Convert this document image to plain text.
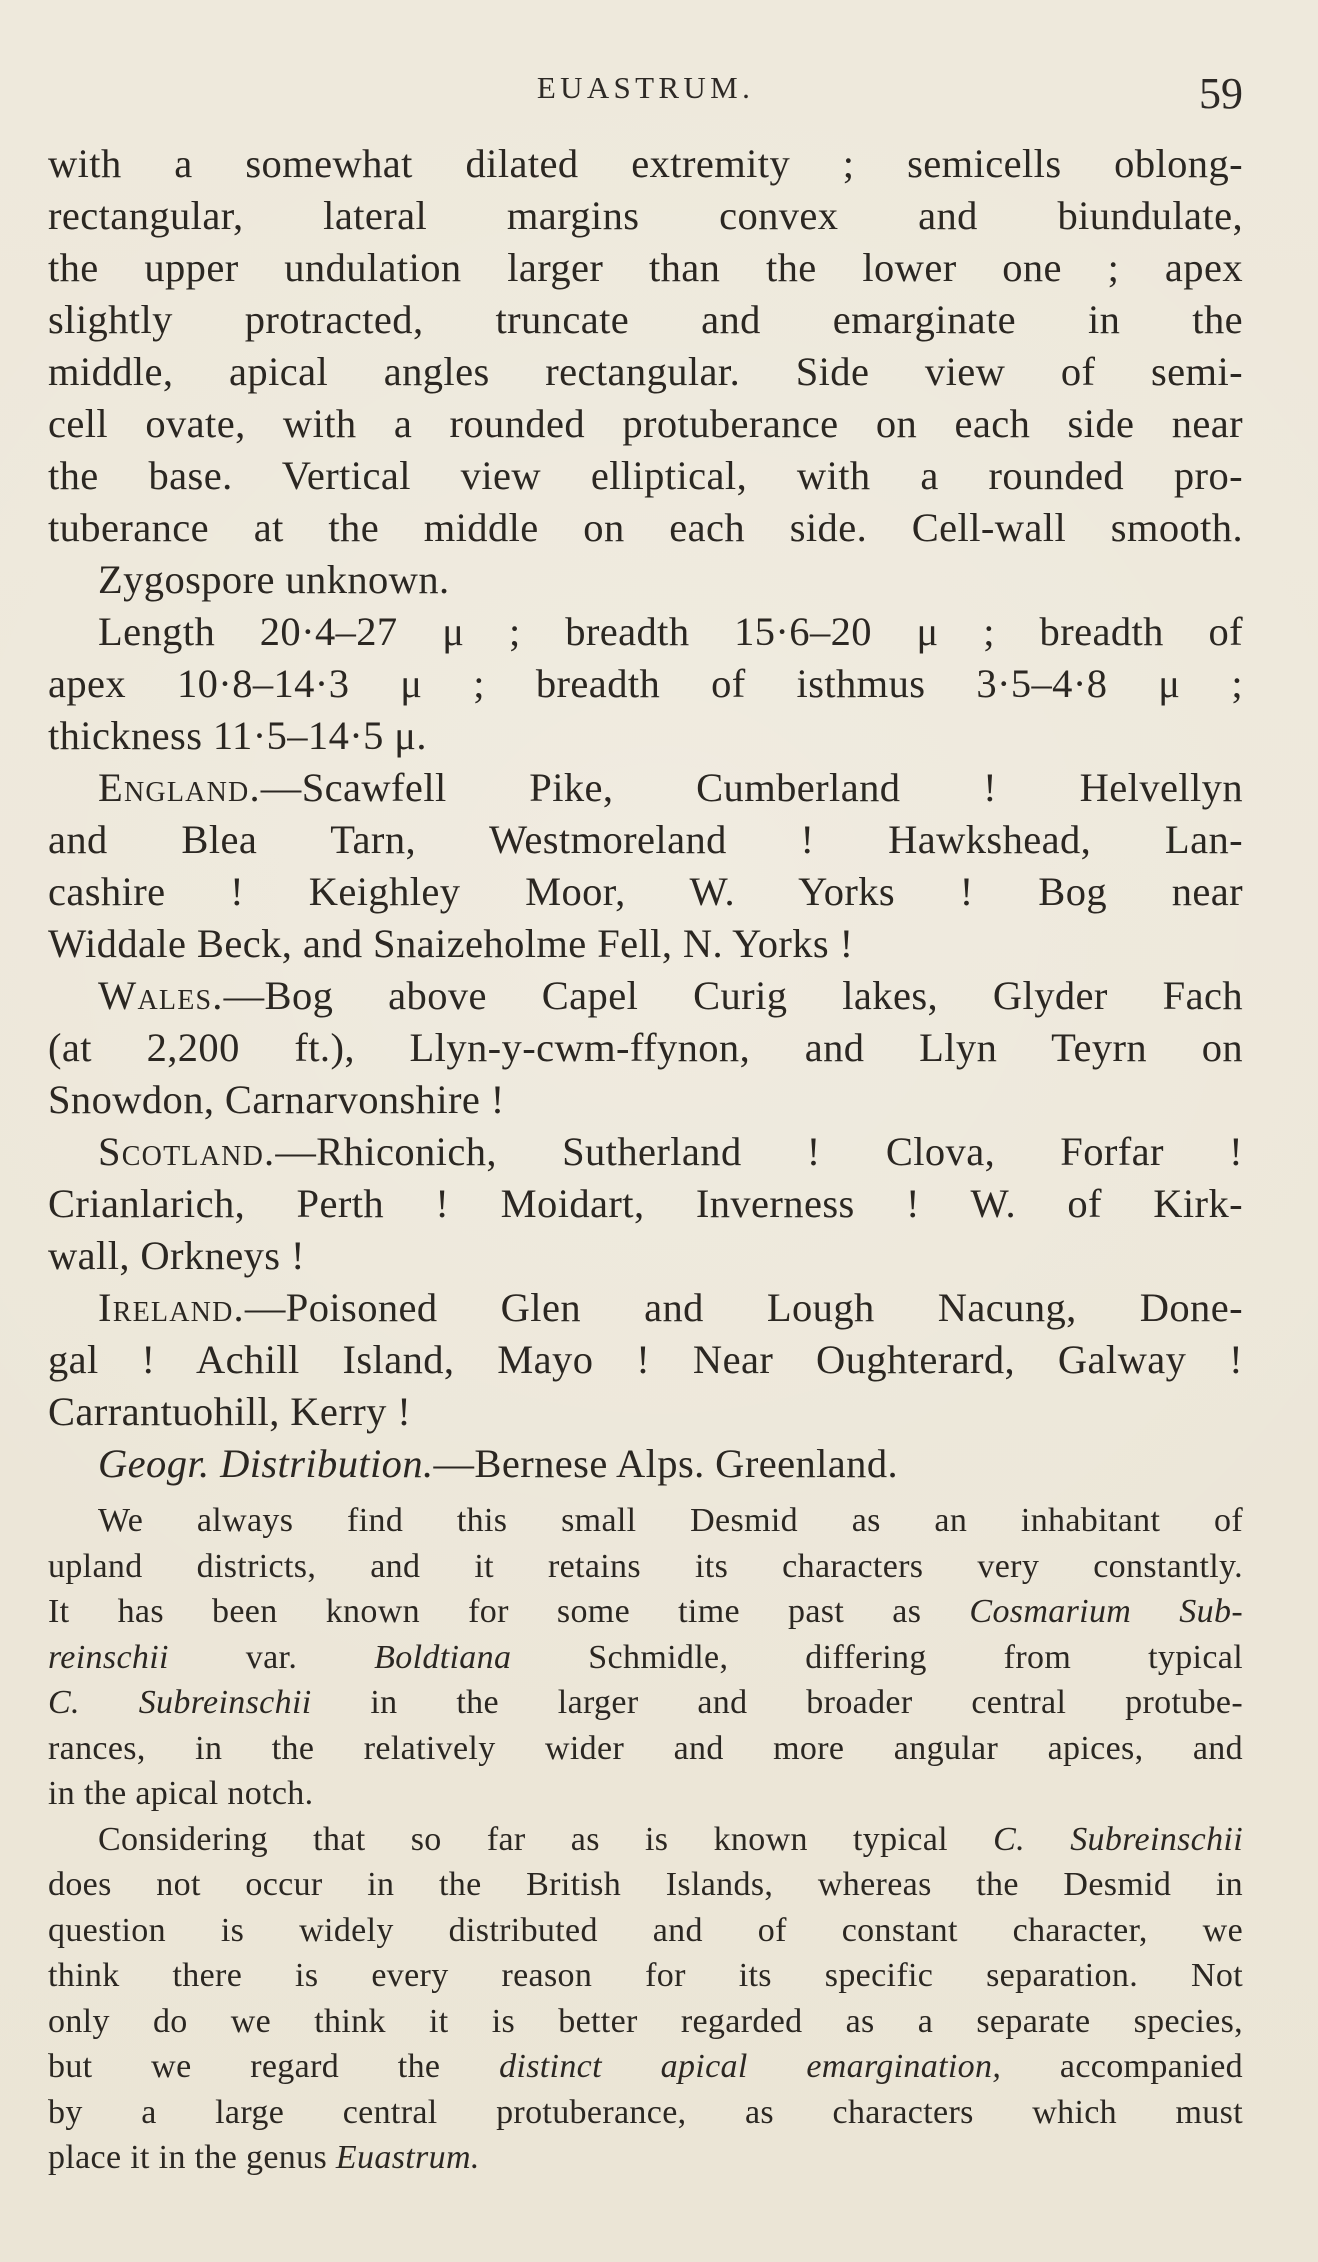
EUASTRUM.	59
with a somewhat dilated extremity ; semicells oblong-
rectangular, lateral margins convex and biundulate,
the upper undulation larger than the lower one ; apex
slightly protracted, truncate and emarginate in the
middle, apical angles rectangular. Side view of semi-
cell ovate, with a rounded protuberance on each side near
the base. Vertical view elliptical, with a rounded pro-
tuberance at the middle on each side. Cell-wall smooth.
Zygospore unknown.
Length 20·4–27 μ ; breadth 15·6–20 μ ; breadth of
apex 10·8–14·3 μ ; breadth of isthmus 3·5–4·8 μ ;
thickness 11·5–14·5 μ.
England.—Scawfell Pike, Cumberland ! Helvellyn
and Blea Tarn, Westmoreland ! Hawkshead, Lan-
cashire ! Keighley Moor, W. Yorks ! Bog near
Widdale Beck, and Snaizeholme Fell, N. Yorks !
Wales.—Bog above Capel Curig lakes, Glyder Fach
(at 2,200 ft.), Llyn-y-cwm-ffynon, and Llyn Teyrn on
Snowdon, Carnarvonshire !
Scotland.—Rhiconich, Sutherland ! Clova, Forfar !
Crianlarich, Perth ! Moidart, Inverness ! W. of Kirk-
wall, Orkneys !
Ireland.—Poisoned Glen and Lough Nacung, Done-
gal ! Achill Island, Mayo ! Near Oughterard, Galway !
Carrantuohill, Kerry !
Geogr. Distribution.—Bernese Alps. Greenland.
We always find this small Desmid as an inhabitant of
upland districts, and it retains its characters very constantly.
It has been known for some time past as Cosmarium Sub-
reinschii var. Boldtiana Schmidle, differing from typical
C. Subreinschii in the larger and broader central protube-
rances, in the relatively wider and more angular apices, and
in the apical notch.
Considering that so far as is known typical C. Subreinschii
does not occur in the British Islands, whereas the Desmid in
question is widely distributed and of constant character, we
think there is every reason for its specific separation. Not
only do we think it is better regarded as a separate species,
but we regard the distinct apical emargination, accompanied
by a large central protuberance, as characters which must
place it in the genus Euastrum.
